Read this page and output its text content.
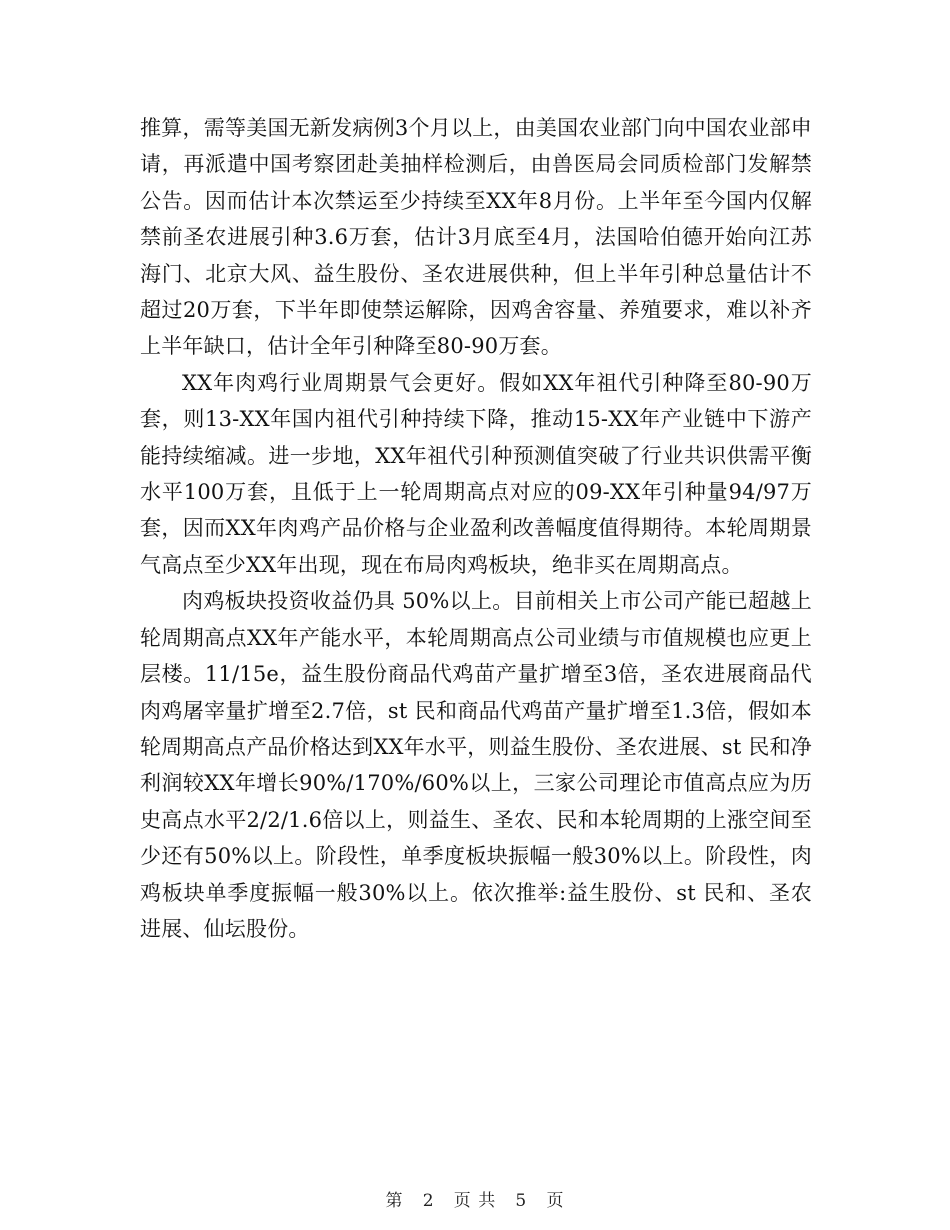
推算，需等美国无新发病例3个月以上，由美国农业部门向中国农业部申请，再派遣中国考察团赴美抽样检测后，由兽医局会同质检部门发解禁公告。因而估计本次禁运至少持续至XX年8月份。上半年至今国内仅解禁前圣农进展引种3.6万套，估计3月底至4月，法国哈伯德开始向江苏海门、北京大风、益生股份、圣农进展供种，但上半年引种总量估计不超过20万套，下半年即使禁运解除，因鸡舍容量、养殖要求，难以补齐上半年缺口，估计全年引种降至80-90万套。

XX年肉鸡行业周期景气会更好。假如XX年祖代引种降至80-90万套，则13-XX年国内祖代引种持续下降，推动15-XX年产业链中下游产能持续缩减。进一步地，XX年祖代引种预测值突破了行业共识供需平衡水平100万套，且低于上一轮周期高点对应的09-XX年引种量94/97万套，因而XX年肉鸡产品价格与企业盈利改善幅度值得期待。本轮周期景气高点至少XX年出现，现在布局肉鸡板块，绝非买在周期高点。

肉鸡板块投资收益仍具 50%以上。目前相关上市公司产能已超越上轮周期高点XX年产能水平，本轮周期高点公司业绩与市值规模也应更上层楼。11/15e，益生股份商品代鸡苗产量扩增至3倍，圣农进展商品代肉鸡屠宰量扩增至2.7倍，st 民和商品代鸡苗产量扩增至1.3倍，假如本轮周期高点产品价格达到XX年水平，则益生股份、圣农进展、st 民和净利润较XX年增长90%/170%/60%以上，三家公司理论市值高点应为历史高点水平2/2/1.6倍以上，则益生、圣农、民和本轮周期的上涨空间至少还有50%以上。阶段性，单季度板块振幅一般30%以上。阶段性，肉鸡板块单季度振幅一般30%以上。依次推举:益生股份、st 民和、圣农进展、仙坛股份。

第 2 页 共 5 页
